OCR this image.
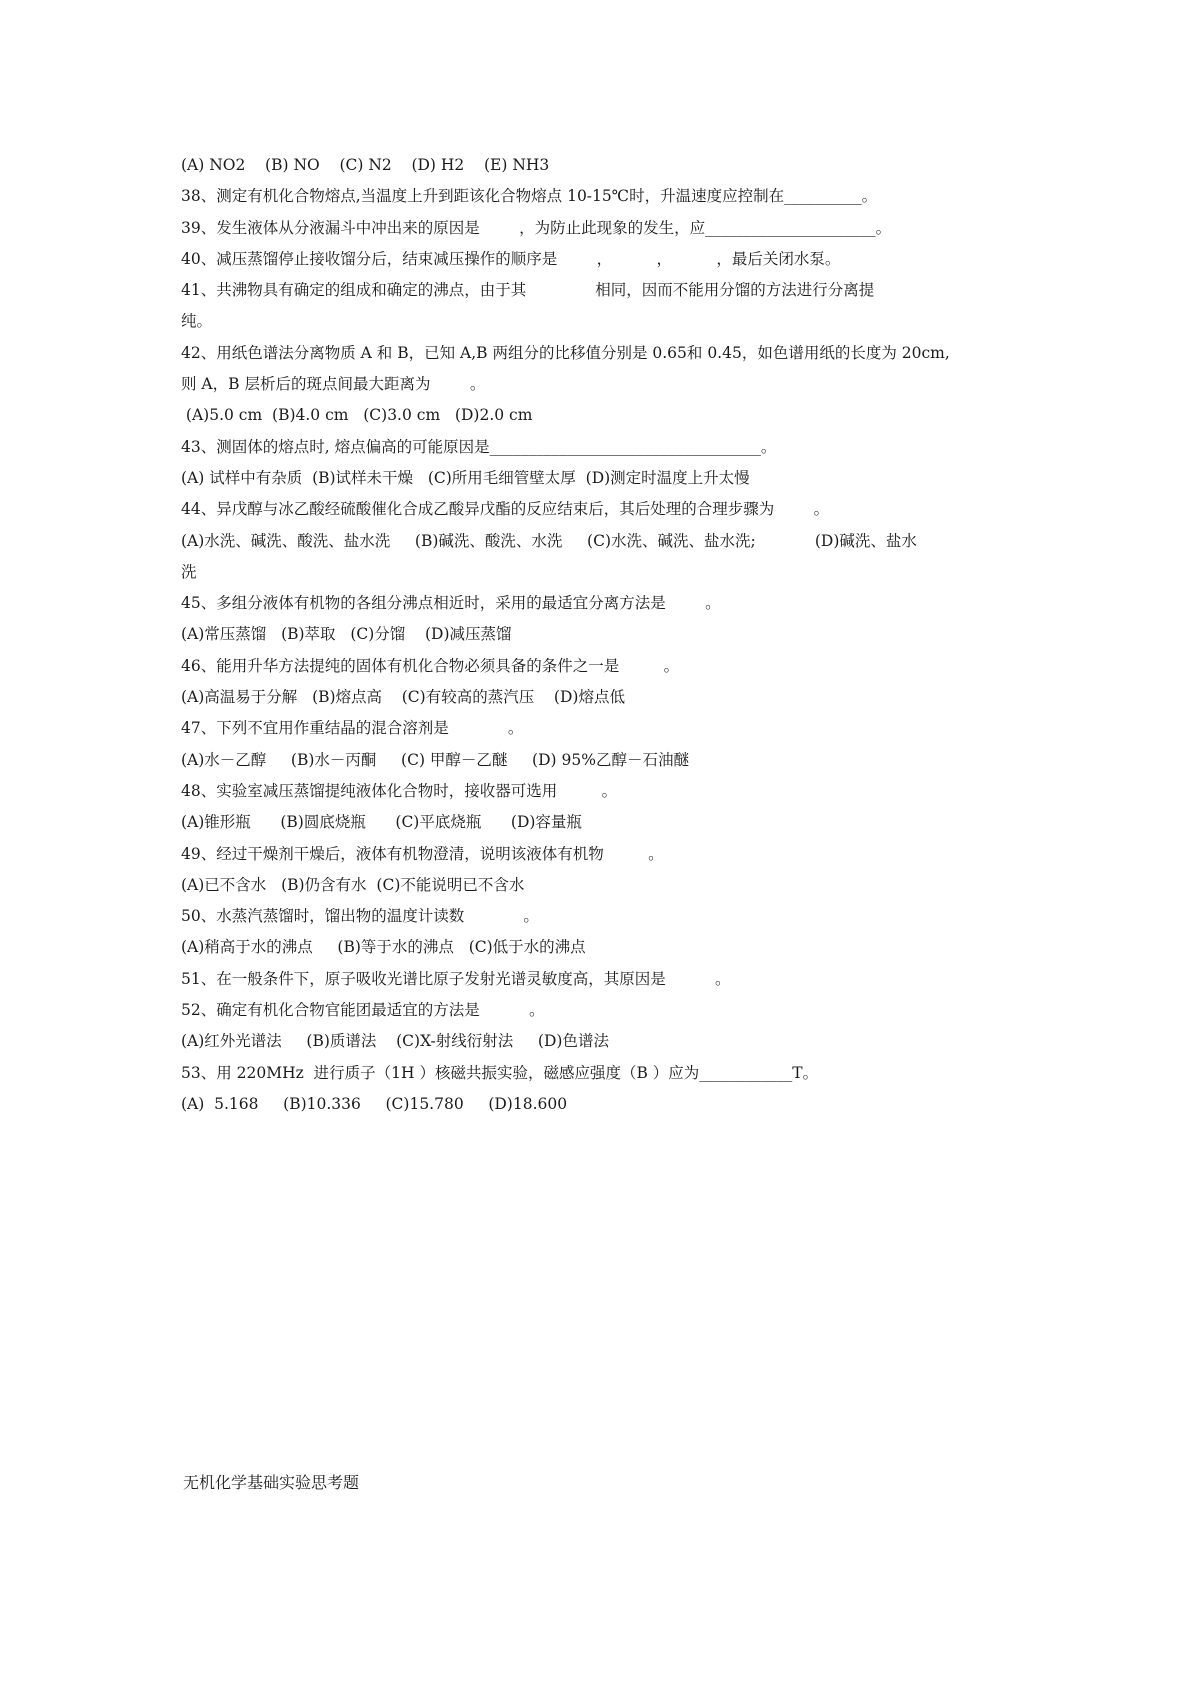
(A) NO2    (B) NO    (C) N2    (D) H2    (E) NH3
38、测定有机化合物熔点,当温度上升到距该化合物熔点 10-15℃时，升温速度应控制在__________。
39、发生液体从分液漏斗中冲出来的原因是        ，为防止此现象的发生，应______________________。
40、减压蒸馏停止接收馏分后，结束减压操作的顺序是        ，         ，         ，最后关闭水泵。
41、共沸物具有确定的组成和确定的沸点，由于其              相同，因而不能用分馏的方法进行分离提
纯。
42、用纸色谱法分离物质 A 和 B，已知 A,B 两组分的比移值分别是 0.65和 0.45，如色谱用纸的长度为 20cm,
则 A，B 层析后的斑点间最大距离为        。
(A)5.0 cm  (B)4.0 cm   (C)3.0 cm   (D)2.0 cm
43、测固体的熔点时, 熔点偏高的可能原因是___________________________________。
(A) 试样中有杂质  (B)试样未干燥   (C)所用毛细管壁太厚  (D)测定时温度上升太慢
44、异戊醇与冰乙酸经硫酸催化合成乙酸异戊酯的反应结束后，其后处理的合理步骤为        。
(A)水洗、碱洗、酸洗、盐水洗     (B)碱洗、酸洗、水洗     (C)水洗、碱洗、盐水洗;            (D)碱洗、盐水
洗
45、多组分液体有机物的各组分沸点相近时，采用的最适宜分离方法是        。
(A)常压蒸馏   (B)萃取   (C)分馏    (D)减压蒸馏
46、能用升华方法提纯的固体有机化合物必须具备的条件之一是         。
(A)高温易于分解   (B)熔点高    (C)有较高的蒸汽压    (D)熔点低
47、下列不宜用作重结晶的混合溶剂是            。
(A)水－乙醇     (B)水－丙酮     (C) 甲醇－乙醚     (D) 95%乙醇－石油醚
48、实验室减压蒸馏提纯液体化合物时，接收器可选用         。
(A)锥形瓶      (B)圆底烧瓶      (C)平底烧瓶      (D)容量瓶
49、经过干燥剂干燥后，液体有机物澄清，说明该液体有机物         。
(A)已不含水   (B)仍含有水  (C)不能说明已不含水
50、水蒸汽蒸馏时，馏出物的温度计读数            。
(A)稍高于水的沸点     (B)等于水的沸点   (C)低于水的沸点
51、在一般条件下，原子吸收光谱比原子发射光谱灵敏度高，其原因是          。
52、确定有机化合物官能团最适宜的方法是          。
(A)红外光谱法     (B)质谱法    (C)X-射线衍射法     (D)色谱法
53、用 220MHz  进行质子（1H ）核磁共振实验，磁感应强度（B ）应为____________T。
(A)  5.168     (B)10.336     (C)15.780     (D)18.600
无机化学基础实验思考题
